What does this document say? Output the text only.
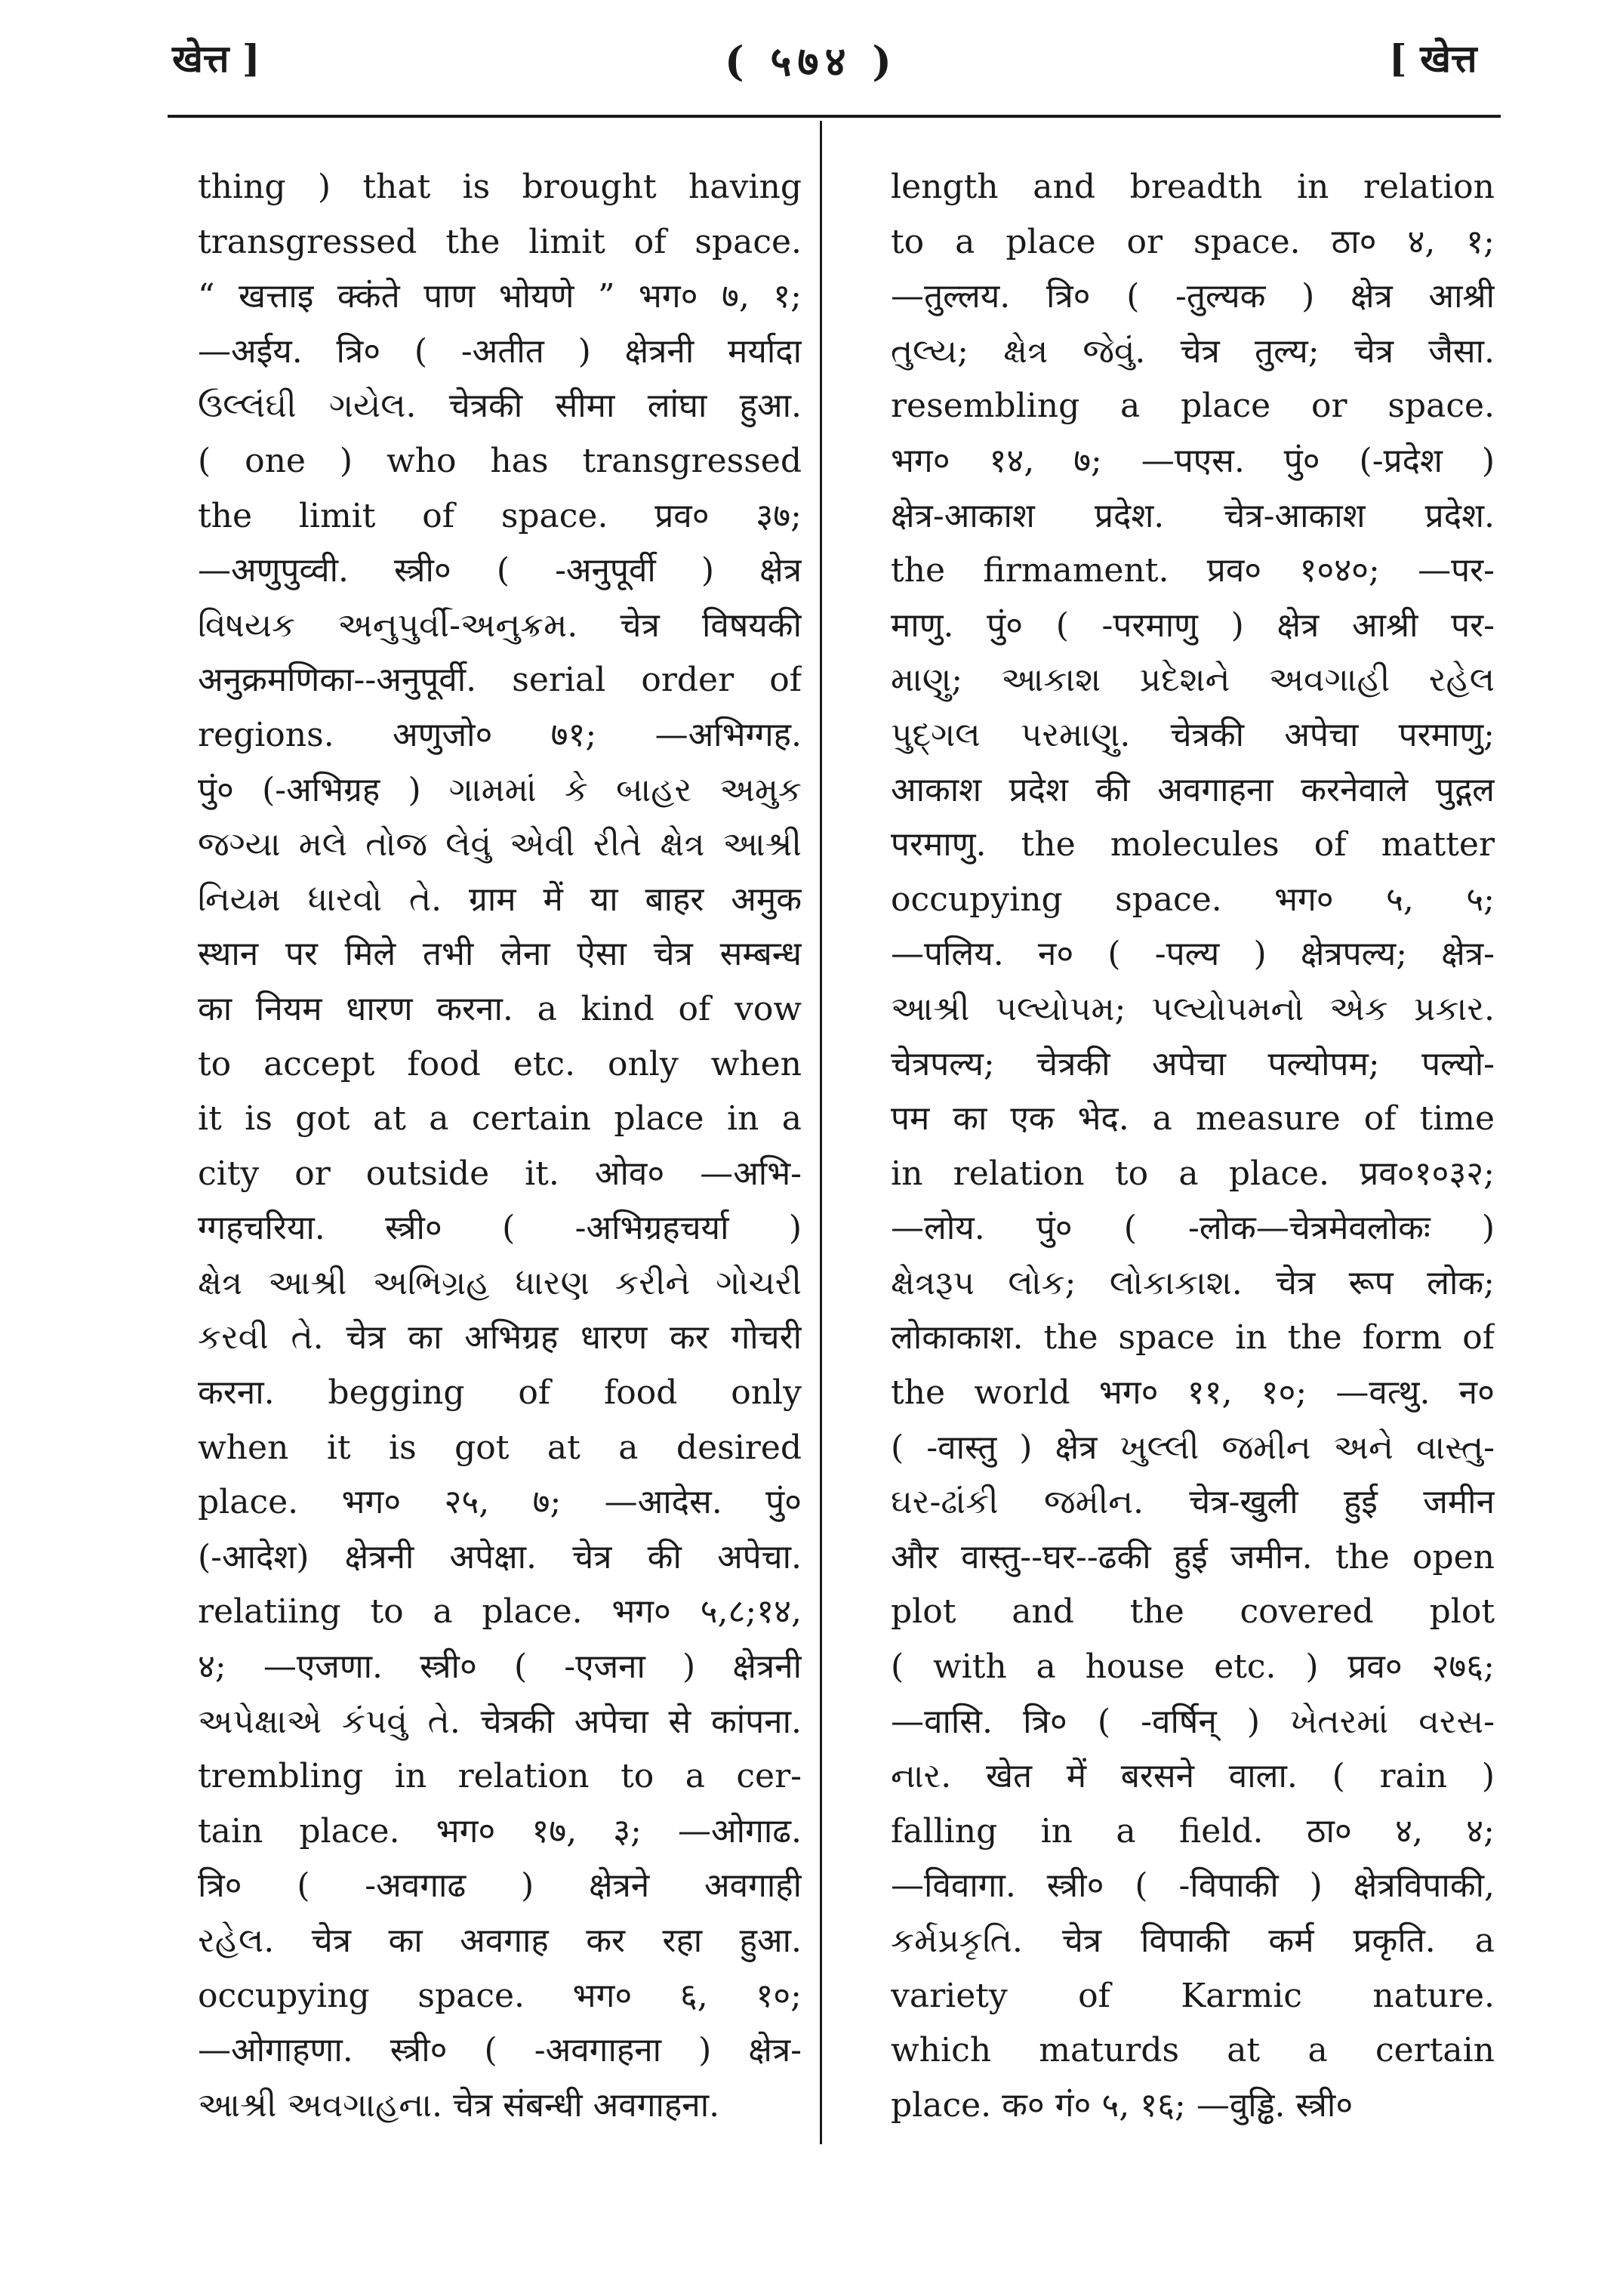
खेत्त ]	( ५७४ )	[ खेत्त
thing ) that is brought having
transgressed the limit of space.
“ खत्ताइ क्कंते पाण भोयणे ” भग० ७, १;
—अईय. त्रि० ( -अतीत ) क्षेत्रनी मर्यादा
ઉલ્લંઘી ગયેલ. चेत्रकी सीमा लांघा हुआ.
( one ) who has transgressed
the limit of space. प्रव० ३७;
—अणुपुव्वी. स्त्री० ( -अनुपूर्वी ) क्षेत्र
વિષયક અનુપુર્વી-અનુક્રમ. चेत्र विषयकी
अनुक्रमणिका--अनुपूर्वी. serial order of
regions. अणुजो० ७१; —अभिग्गह.
पुं० (-अभिग्रह ) ગામમાં કે બાહર અમુક
જગ્યા મલે તોજ લેવું એવી રીતે ક્ષેત્ર આશ્રી
નિયમ ધારવો તે. ग्राम में या बाहर अमुक
स्थान पर मिले तभी लेना ऐसा चेत्र सम्बन्ध
का नियम धारण करना. a kind of vow
to accept food etc. only when
it is got at a certain place in a
city or outside it. ओव० —अभि-
ग्गहचरिया. स्त्री० ( -अभिग्रहचर्या )
ક્ષેત્ર આશ્રી અભિગ્રહ ધારણ કરીને ગોચરી
કરવી તે. चेत्र का अभिग्रह धारण कर गोचरी
करना. begging of food only
when it is got at a desired
place. भग० २५, ७; —आदेस. पुं०
(-आदेश) क्षेत्रनी अपेक्षा. चेत्र की अपेचा.
relatiing to a place. भग० ५,८;१४,
४; —एजणा. स्त्री० ( -एजना ) क्षेत्रनी
અપેક્ષાએ કંપવું તે. चेत्रकी अपेचा से कांपना.
trembling in relation to a cer-
tain place. भग० १७, ३; —ओगाढ.
त्रि० ( -अवगाढ ) क्षेत्रने अवगाही
રહેલ. चेत्र का अवगाह कर रहा हुआ.
occupying space. भग० ६, १०;
—ओगाहणा. स्त्री० ( -अवगाहना ) क्षेत्र-
આશ્રી અવગાહના. चेत्र संबन्धी अवगाहना.
length and breadth in relation
to a place or space. ठा० ४, १;
—तुल्लय. त्रि० ( -तुल्यक ) क्षेत्र आश्री
તુલ્ય; ક્ષેત્ર જેવું. चेत्र तुल्य; चेत्र जैसा.
resembling a place or space.
भग० १४, ७; —पएस. पुं० (-प्रदेश )
क्षेत्र-आकाश प्रदेश. चेत्र-आकाश प्रदेश.
the firmament. प्रव० १०४०; —पर-
माणु. पुं० ( -परमाणु ) क्षेत्र आश्री पर-
માણુ; આકાશ પ્રદેશને અવગાહી રહેલ
પુદ્ગલ પરમાણુ. चेत्रकी अपेचा परमाणु;
आकाश प्रदेश की अवगाहना करनेवाले पुद्गल
परमाणु. the molecules of matter
occupying space. भग० ५, ५;
—पलिय. न० ( -पल्य ) क्षेत्रपल्य; क्षेत्र-
આશ્રી પલ્યોપમ; પલ્યોપમનો એક પ્રકાર.
चेत्रपल्य; चेत्रकी अपेचा पल्योपम; पल्यो-
पम का एक भेद. a measure of time
in relation to a place. प्रव०१०३२;
—लोय. पुं० ( -लोक—चेत्रमेवलोकः )
ક્ષેત્રરૂપ લોક; લોકાકાશ. चेत्र रूप लोक;
लोकाकाश. the space in the form of
the world भग० ११, १०; —वत्थु. न०
( -वास्तु ) क्षेत्र ખુલ્લી જમીન અને વાસ્તુ-
ઘર-ઢાંકી જમીન. चेत्र-खुली हुई जमीन
और वास्तु--घर--ढकी हुई जमीन. the open
plot and the covered plot
( with a house etc. ) प्रव० २७६;
—वासि. त्रि० ( -वर्षिन् ) ખેતરમાં વરસ-
નાર. खेत में बरसने वाला. ( rain )
falling in a field. ठा० ४, ४;
—विवागा. स्त्री० ( -विपाकी ) क्षेत्रविपाकी,
કર્મપ્રકૃતિ. चेत्र विपाकी कर्म प्रकृति. a
variety of Karmic nature.
which maturds at a certain
place. क० गं० ५, १६; —वुड्ढि. स्त्री०
